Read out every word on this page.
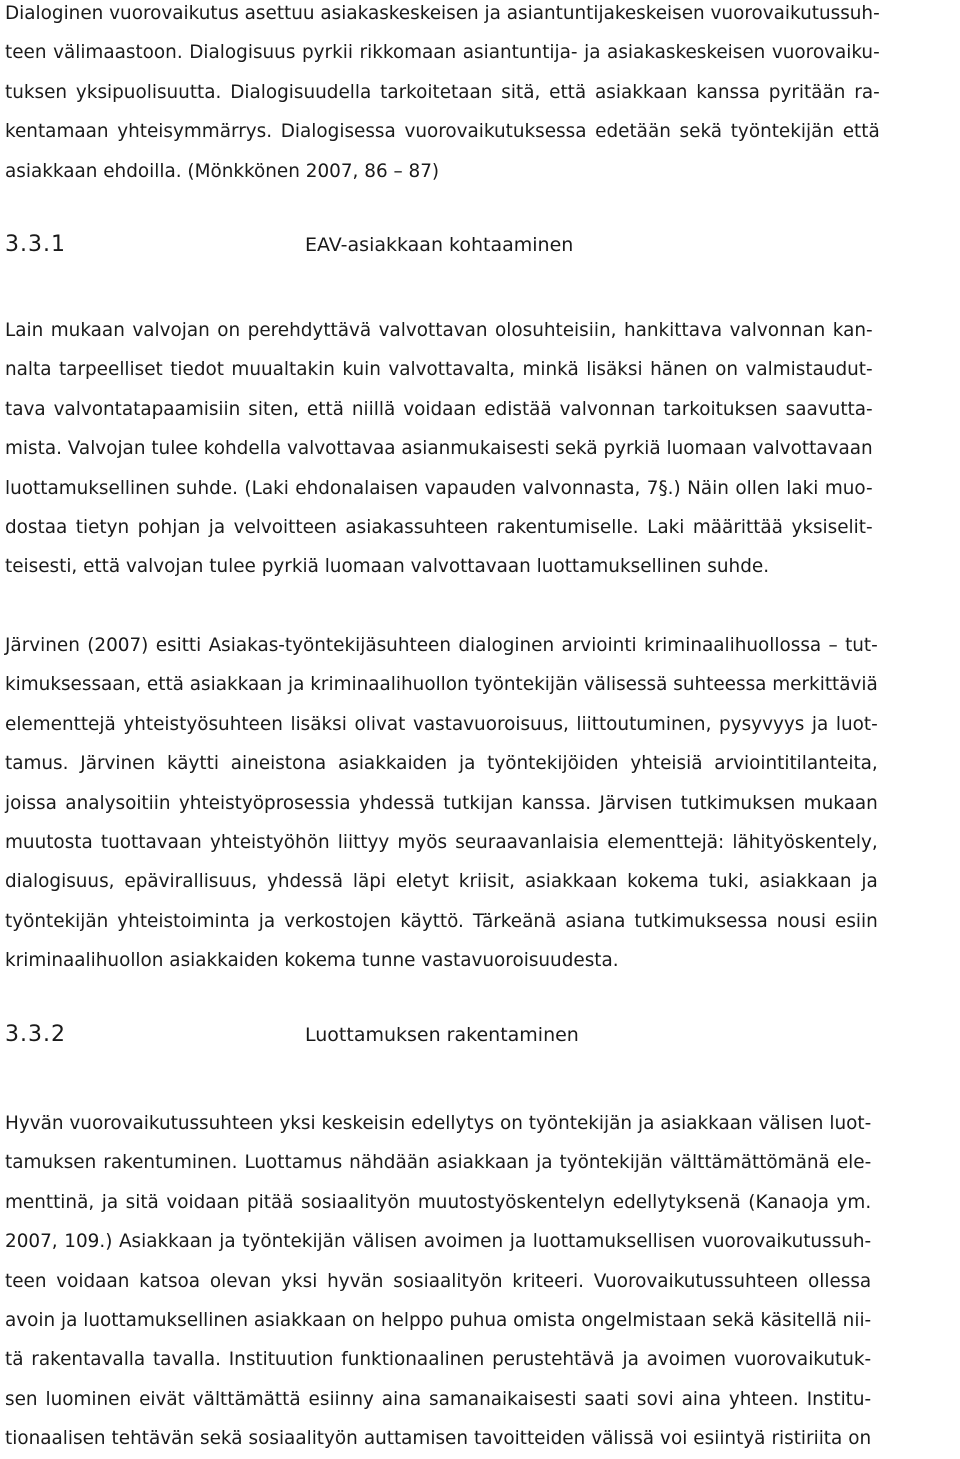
Dialoginen vuorovaikutus asettuu asiakaskeskeisen ja asiantuntijakeskeisen vuorovaikutussuh-
teen välimaastoon. Dialogisuus pyrkii rikkomaan asiantuntija- ja asiakaskeskeisen vuorovaiku-
tuksen yksipuolisuutta. Dialogisuudella tarkoitetaan sitä, että asiakkaan kanssa pyritään ra-
kentamaan yhteisymmärrys. Dialogisessa vuorovaikutuksessa edetään sekä työntekijän että
asiakkaan ehdoilla. (Mönkkönen 2007, 86 – 87)
3.3.1	EAV-asiakkaan kohtaaminen
Lain mukaan valvojan on perehdyttävä valvottavan olosuhteisiin, hankittava valvonnan kan-
nalta tarpeelliset tiedot muualtakin kuin valvottavalta, minkä lisäksi hänen on valmistaudut-
tava valvontatapaamisiin siten, että niillä voidaan edistää valvonnan tarkoituksen saavutta-
mista. Valvojan tulee kohdella valvottavaa asianmukaisesti sekä pyrkiä luomaan valvottavaan
luottamuksellinen suhde. (Laki ehdonalaisen vapauden valvonnasta, 7§.) Näin ollen laki muo-
dostaa tietyn pohjan ja velvoitteen asiakassuhteen rakentumiselle. Laki määrittää yksiselit-
teisesti, että valvojan tulee pyrkiä luomaan valvottavaan luottamuksellinen suhde.
Järvinen (2007) esitti Asiakas-työntekijäsuhteen dialoginen arviointi kriminaalihuollossa – tut-
kimuksessaan, että asiakkaan ja kriminaalihuollon työntekijän välisessä suhteessa merkittäviä
elementtejä yhteistyösuhteen lisäksi olivat vastavuoroisuus, liittoutuminen, pysyvyys ja luot-
tamus. Järvinen käytti aineistona asiakkaiden ja työntekijöiden yhteisiä arviointitilanteita,
joissa analysoitiin yhteistyöprosessia yhdessä tutkijan kanssa. Järvisen tutkimuksen mukaan
muutosta tuottavaan yhteistyöhön liittyy myös seuraavanlaisia elementtejä: lähityöskentely,
dialogisuus, epävirallisuus, yhdessä läpi eletyt kriisit, asiakkaan kokema tuki, asiakkaan ja
työntekijän yhteistoiminta ja verkostojen käyttö. Tärkeänä asiana tutkimuksessa nousi esiin
kriminaalihuollon asiakkaiden kokema tunne vastavuoroisuudesta.
3.3.2	Luottamuksen rakentaminen
Hyvän vuorovaikutussuhteen yksi keskeisin edellytys on työntekijän ja asiakkaan välisen luot-
tamuksen rakentuminen. Luottamus nähdään asiakkaan ja työntekijän välttämättömänä ele-
menttinä, ja sitä voidaan pitää sosiaalityön muutostyöskentelyn edellytyksenä (Kanaoja ym.
2007, 109.) Asiakkaan ja työntekijän välisen avoimen ja luottamuksellisen vuorovaikutussuh-
teen voidaan katsoa olevan yksi hyvän sosiaalityön kriteeri. Vuorovaikutussuhteen ollessa
avoin ja luottamuksellinen asiakkaan on helppo puhua omista ongelmistaan sekä käsitellä nii-
tä rakentavalla tavalla. Instituution funktionaalinen perustehtävä ja avoimen vuorovaikutuk-
sen luominen eivät välttämättä esiinny aina samanaikaisesti saati sovi aina yhteen. Institu-
tionaalisen tehtävän sekä sosiaalityön auttamisen tavoitteiden välissä voi esiintyä ristiriita on
